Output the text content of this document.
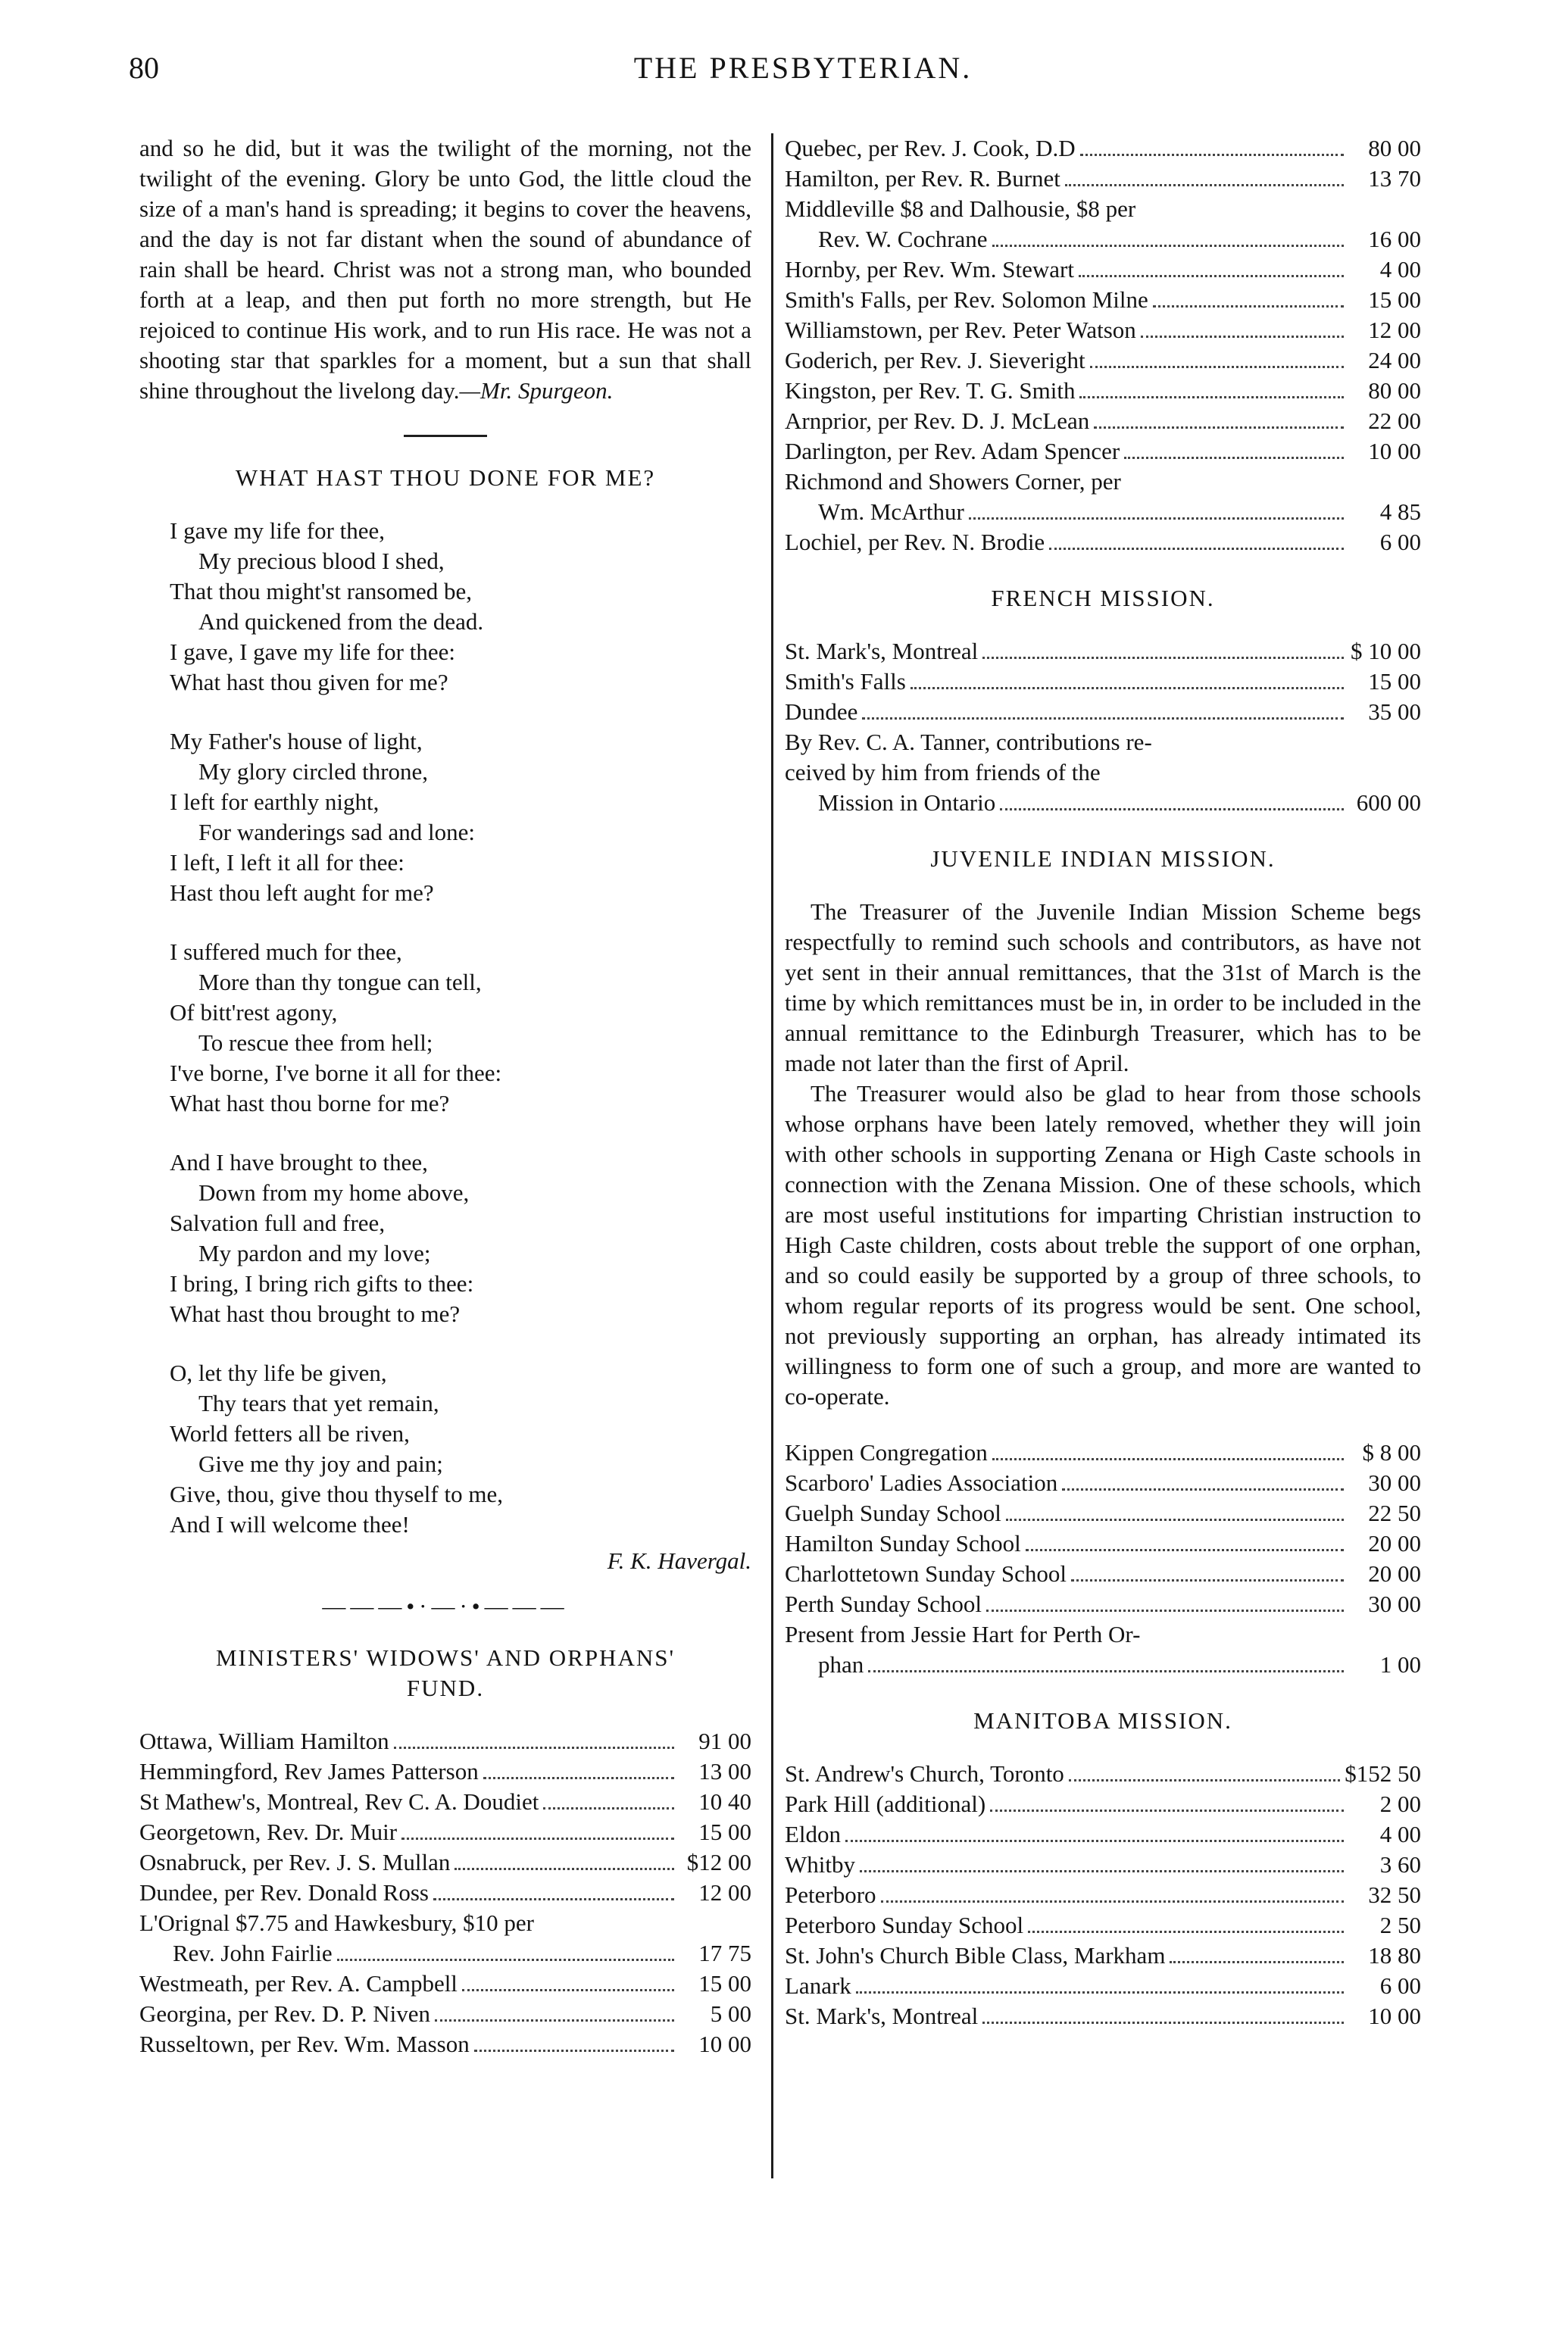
80	THE PRESBYTERIAN.

and so he did, but it was the twilight of the morning, not the twilight of the evening. Glory be unto God, the little cloud the size of a man's hand is spreading; it begins to cover the heavens, and the day is not far distant when the sound of abundance of rain shall be heard. Christ was not a strong man, who bounded forth at a leap, and then put forth no more strength, but He rejoiced to continue His work, and to run His race. He was not a shooting star that sparkles for a moment, but a sun that shall shine throughout the livelong day.—Mr. Spurgeon.

WHAT HAST THOU DONE FOR ME?
I gave my life for thee,
My precious blood I shed,
That thou might'st ransomed be,
And quickened from the dead.
I gave, I gave my life for thee:
What hast thou given for me?
My Father's house of light,
My glory circled throne,
I left for earthly night,
For wanderings sad and lone:
I left, I left it all for thee:
Hast thou left aught for me?
I suffered much for thee,
More than thy tongue can tell,
Of bitt'rest agony,
To rescue thee from hell;
I've borne, I've borne it all for thee:
What hast thou borne for me?
And I have brought to thee,
Down from my home above,
Salvation full and free,
My pardon and my love;
I bring, I bring rich gifts to thee:
What hast thou brought to me?
O, let thy life be given,
Thy tears that yet remain,
World fetters all be riven,
Give me thy joy and pain;
Give, thou, give thou thyself to me,
And I will welcome thee!
F. K. Havergal.
———•·—·•———
MINISTERS' WIDOWS' AND ORPHANS'
FUND.
Ottawa, William Hamilton	91 00
Hemmingford, Rev James Patterson	13 00
St Mathew's, Montreal, Rev C. A. Doudiet	10 40
Georgetown, Rev. Dr. Muir	15 00
Osnabruck, per Rev. J. S. Mullan	$12 00
Dundee, per Rev. Donald Ross	12 00
L'Orignal $7.75 and Hawkesbury, $10 per
Rev. John Fairlie	17 75
Westmeath, per Rev. A. Campbell	15 00
Georgina, per Rev. D. P. Niven	5 00
Russeltown, per Rev. Wm. Masson	10 00
Quebec, per Rev. J. Cook, D.D	80 00
Hamilton, per Rev. R. Burnet	13 70
Middleville $8 and Dalhousie, $8 per
Rev. W. Cochrane	16 00
Hornby, per Rev. Wm. Stewart	4 00
Smith's Falls, per Rev. Solomon Milne	15 00
Williamstown, per Rev. Peter Watson	12 00
Goderich, per Rev. J. Sieveright	24 00
Kingston, per Rev. T. G. Smith	80 00
Arnprior, per Rev. D. J. McLean	22 00
Darlington, per Rev. Adam Spencer	10 00
Richmond and Showers Corner, per
Wm. McArthur	4 85
Lochiel, per Rev. N. Brodie	6 00
FRENCH MISSION.
St. Mark's, Montreal	$ 10 00
Smith's Falls	15 00
Dundee	35 00
By Rev. C. A. Tanner, contributions re-
ceived by him from friends of the
Mission in Ontario	600 00
JUVENILE INDIAN MISSION.

The Treasurer of the Juvenile Indian Mission Scheme begs respectfully to remind such schools and contributors, as have not yet sent in their annual remittances, that the 31st of March is the time by which remittances must be in, in order to be included in the annual remittance to the Edinburgh Treasurer, which has to be made not later than the first of April.

The Treasurer would also be glad to hear from those schools whose orphans have been lately removed, whether they will join with other schools in supporting Zenana or High Caste schools in connection with the Zenana Mission. One of these schools, which are most useful institutions for imparting Christian instruction to High Caste children, costs about treble the support of one orphan, and so could easily be supported by a group of three schools, to whom regular reports of its progress would be sent. One school, not previously supporting an orphan, has already intimated its willingness to form one of such a group, and more are wanted to co-operate.

Kippen Congregation	$ 8 00
Scarboro' Ladies Association	30 00
Guelph Sunday School	22 50
Hamilton Sunday School	20 00
Charlottetown Sunday School	20 00
Perth Sunday School	30 00
Present from Jessie Hart for Perth Or-
phan	1 00
MANITOBA MISSION.
St. Andrew's Church, Toronto	$152 50
Park Hill (additional)	2 00
Eldon	4 00
Whitby	3 60
Peterboro	32 50
Peterboro Sunday School	2 50
St. John's Church Bible Class, Markham	18 80
Lanark	6 00
St. Mark's, Montreal	10 00
